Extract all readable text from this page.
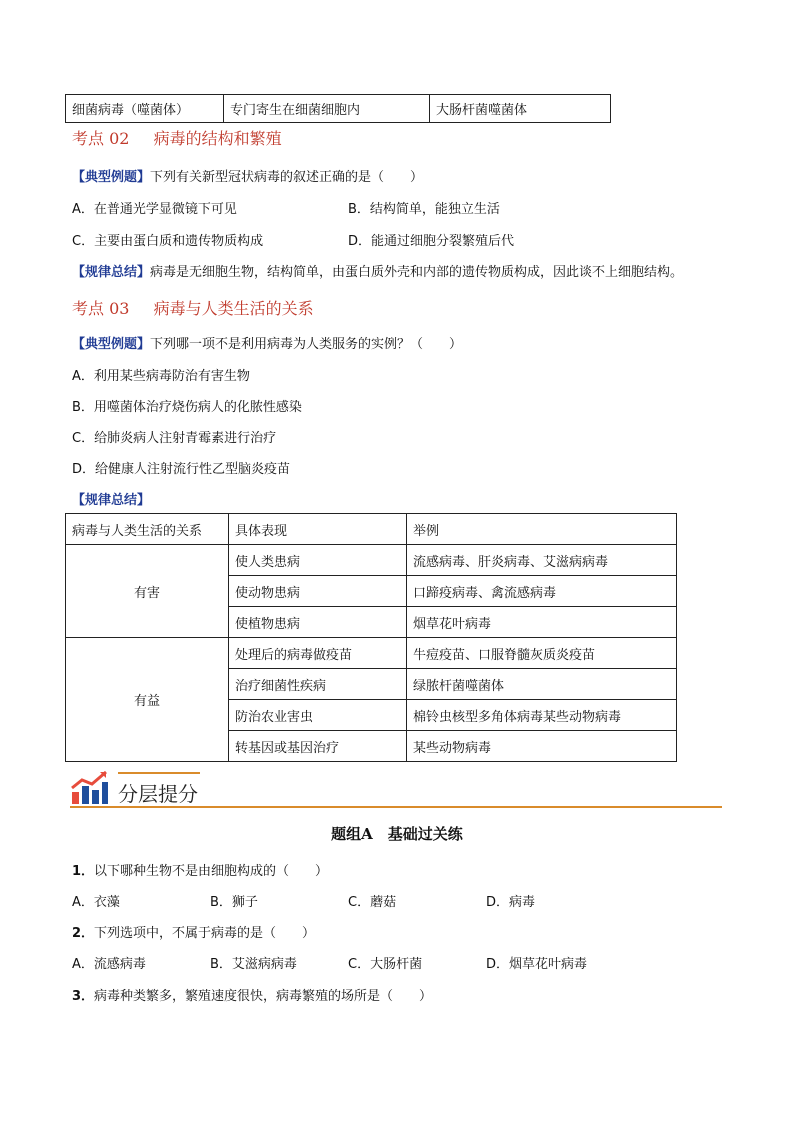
细菌病毒（噬菌体）	专门寄生在细菌细胞内	大肠杆菌噬菌体
考点 02 病毒的结构和繁殖
【典型例题】下列有关新型冠状病毒的叙述正确的是（　　）
A．在普通光学显微镜下可见	B．结构简单，能独立生活
C．主要由蛋白质和遗传物质构成	D．能通过细胞分裂繁殖后代
【规律总结】病毒是无细胞生物，结构简单，由蛋白质外壳和内部的遗传物质构成，因此谈不上细胞结构。
考点 03 病毒与人类生活的关系
【典型例题】下列哪一项不是利用病毒为人类服务的实例？（　　）
A．利用某些病毒防治有害生物
B．用噬菌体治疗烧伤病人的化脓性感染
C．给肺炎病人注射青霉素进行治疗
D．给健康人注射流行性乙型脑炎疫苗
【规律总结】
病毒与人类生活的关系	具体表现	举例
有害	使人类患病	流感病毒、肝炎病毒、艾滋病病毒
	使动物患病	口蹄疫病毒、禽流感病毒
	使植物患病	烟草花叶病毒
有益	处理后的病毒做疫苗	牛痘疫苗、口服脊髓灰质炎疫苗
	治疗细菌性疾病	绿脓杆菌噬菌体
	防治农业害虫	棉铃虫核型多角体病毒某些动物病毒
	转基因或基因治疗	某些动物病毒
分层提分
题组A　基础过关练
1．以下哪种生物不是由细胞构成的（　　）
A．衣藻	B．狮子	C．蘑菇	D．病毒
2．下列选项中，不属于病毒的是（　　）
A．流感病毒	B．艾滋病病毒	C．大肠杆菌	D．烟草花叶病毒
3．病毒种类繁多，繁殖速度很快，病毒繁殖的场所是（　　）
